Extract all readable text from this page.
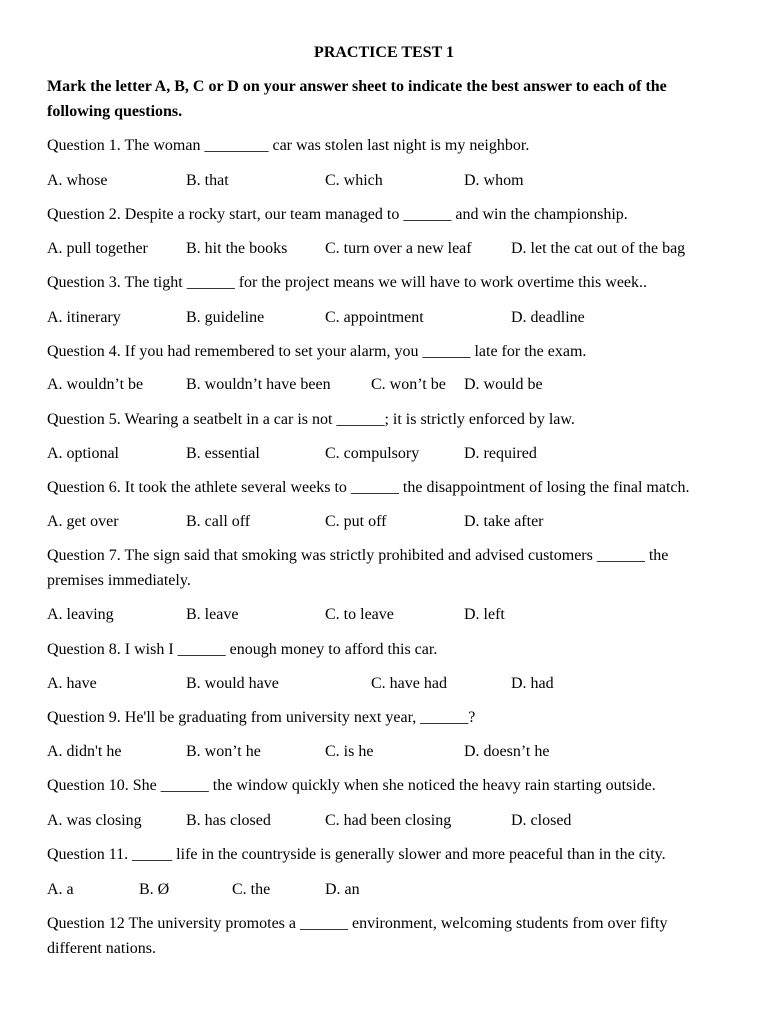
PRACTICE TEST 1
Mark the letter A, B, C or D on your answer sheet to indicate the best answer to each of the
following questions.
Question 1. The woman ________ car was stolen last night is my neighbor.
A. whose	B. that	C. which	D. whom
Question 2. Despite a rocky start, our team managed to ______ and win the championship.
A. pull together B. hit the books C. turn over a new leaf D. let the cat out of the bag
Question 3. The tight ______ for the project means we will have to work overtime this week..
A. itinerary	B. guideline	C. appointment	D. deadline
Question 4. If you had remembered to set your alarm, you ______ late for the exam.
A. wouldn’t be	B. wouldn’t have been	C. won’t be D. would be
Question 5. Wearing a seatbelt in a car is not ______; it is strictly enforced by law.
A. optional	B. essential	C. compulsory	D. required
Question 6. It took the athlete several weeks to ______ the disappointment of losing the final match.
A. get over	B. call off	C. put off	D. take after
Question 7. The sign said that smoking was strictly prohibited and advised customers ______ the
premises immediately.
A. leaving	B. leave	C. to leave	D. left
Question 8. I wish I ______ enough money to afford this car.
A. have	B. would have	C. have had	D. had
Question 9. He'll be graduating from university next year, ______?
A. didn't he	B. won’t he	C. is he	D. doesn’t he
Question 10. She ______ the window quickly when she noticed the heavy rain starting outside.
A. was closing	B. has closed	C. had been closing	D. closed
Question 11. _____ life in the countryside is generally slower and more peaceful than in the city.
A. a	B. Ø	C. the	D. an
Question 12 The university promotes a ______ environment, welcoming students from over fifty
different nations.
